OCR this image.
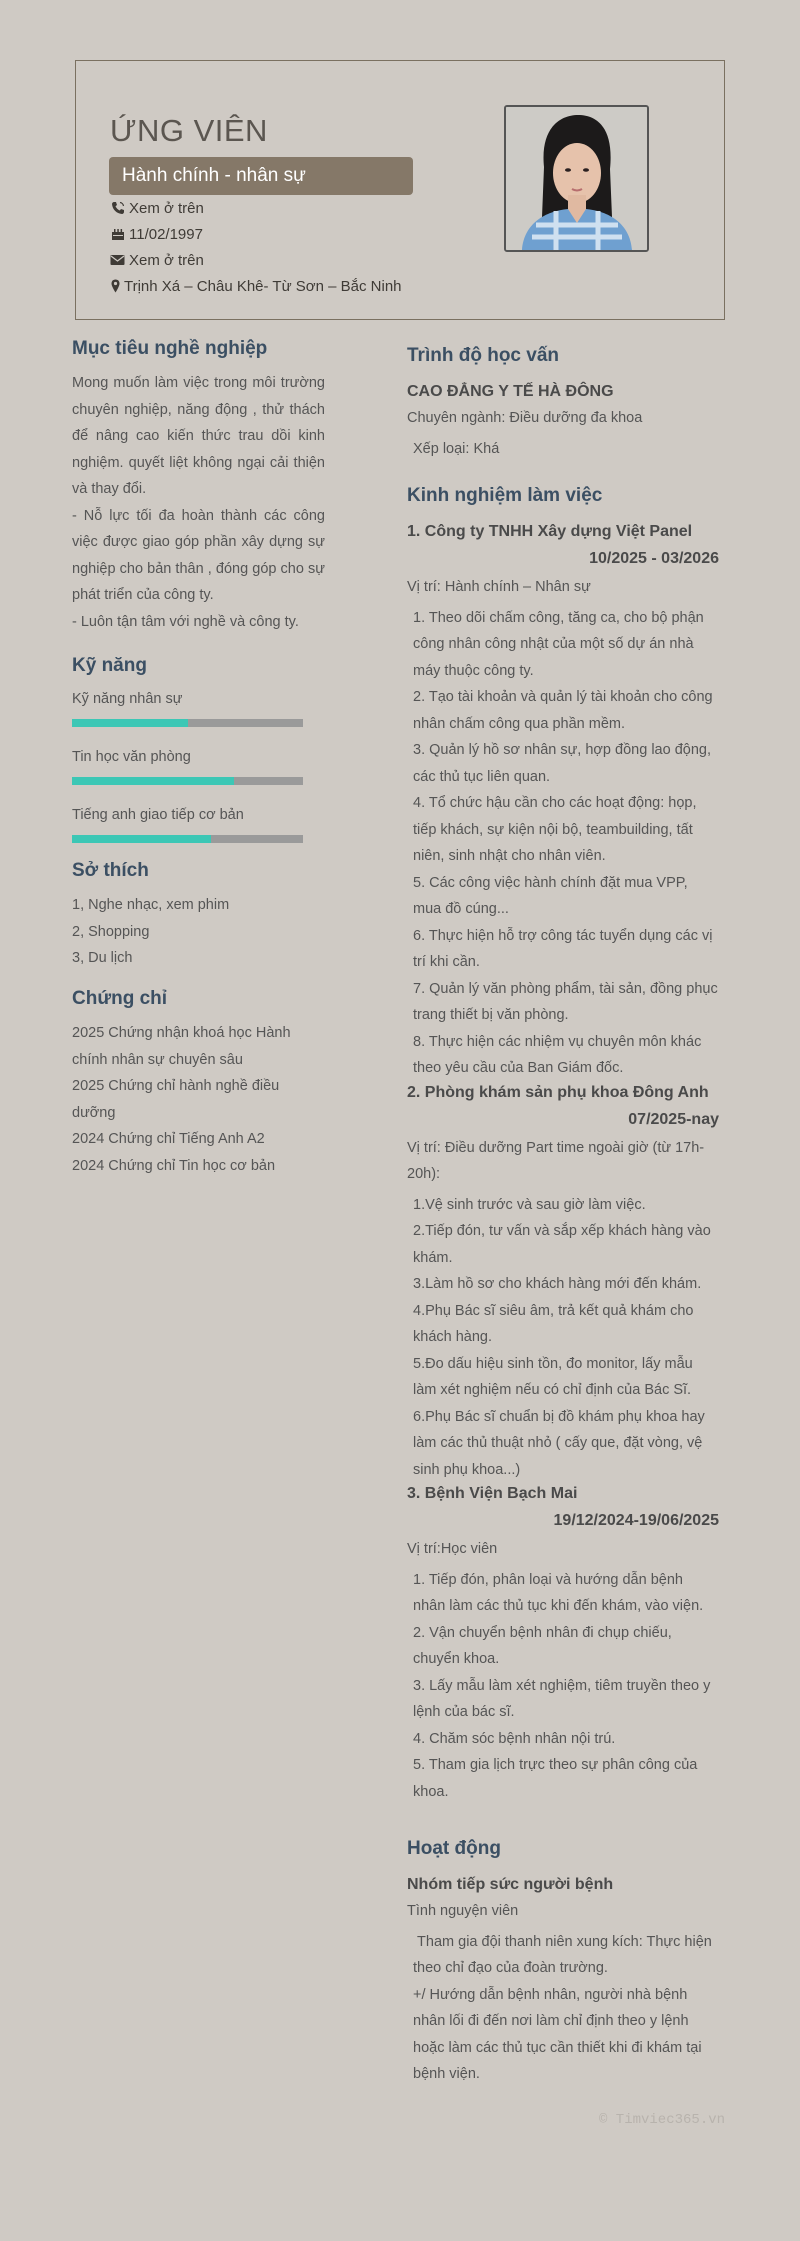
ỨNG VIÊN
Hành chính - nhân sự
Xem ở trên
11/02/1997
Xem ở trên
Trịnh Xá – Châu Khê- Từ Sơn – Bắc Ninh
Mục tiêu nghề nghiệp
Mong muốn làm việc trong môi trường chuyên nghiệp, năng động , thử thách để nâng cao kiến thức trau dồi kinh nghiệm. quyết liệt không ngại cải thiện và thay đổi.
- Nỗ lực tối đa hoàn thành các công việc được giao góp phần xây dựng sự nghiệp cho bản thân , đóng góp cho sự phát triển của công ty.
- Luôn tận tâm với nghề và công ty.
Kỹ năng
Kỹ năng nhân sự
Tin học văn phòng
Tiếng anh giao tiếp cơ bản
Sở thích
1, Nghe nhạc, xem phim
2, Shopping
3, Du lịch
Chứng chỉ
2025 Chứng nhận khoá học Hành chính nhân sự chuyên sâu
2025 Chứng chỉ hành nghề điều dưỡng
2024 Chứng chỉ Tiếng Anh A2
2024 Chứng chỉ Tin học cơ bản
Trình độ học vấn
CAO ĐẲNG Y TẾ HÀ ĐÔNG
Chuyên ngành: Điều dưỡng đa khoa
Xếp loại: Khá
Kinh nghiệm làm việc
1. Công ty TNHH Xây dựng Việt Panel
10/2025 - 03/2026
Vị trí: Hành chính – Nhân sự
1. Theo dõi chấm công, tăng ca, cho bộ phận công nhân công nhật của một số dự án nhà máy thuộc công ty.
2. Tạo tài khoản và quản lý tài khoản cho công nhân chấm công qua phần mềm.
3. Quản lý hồ sơ nhân sự, hợp đồng lao động, các thủ tục liên quan.
4. Tổ chức hậu cần cho các hoạt động: họp, tiếp khách, sự kiện nội bộ, teambuilding, tất niên, sinh nhật cho nhân viên.
5. Các công việc hành chính đặt mua VPP, mua đồ cúng...
6. Thực hiện hỗ trợ công tác tuyển dụng các vị trí khi cần.
7. Quản lý văn phòng phẩm, tài sản, đồng phục trang thiết bị văn phòng.
8. Thực hiện các nhiệm vụ chuyên môn khác theo yêu cầu của Ban Giám đốc.
2. Phòng khám sản phụ khoa Đông Anh
07/2025-nay
Vị trí: Điều dưỡng Part time ngoài giờ (từ 17h-20h):
1.Vệ sinh trước và sau giờ làm việc.
2.Tiếp đón, tư vấn và sắp xếp khách hàng vào khám.
3.Làm hồ sơ cho khách hàng mới đến khám.
4.Phụ Bác sĩ siêu âm, trả kết quả khám cho khách hàng.
5.Đo dấu hiệu sinh tồn, đo monitor, lấy mẫu làm xét nghiệm nếu có chỉ định của Bác Sĩ.
6.Phụ Bác sĩ chuẩn bị đồ khám phụ khoa hay làm các thủ thuật nhỏ ( cấy que, đặt vòng, vệ sinh phụ khoa...)
3. Bệnh Viện Bạch Mai
19/12/2024-19/06/2025
Vị trí:Học viên
1. Tiếp đón, phân loại và hướng dẫn bệnh nhân làm các thủ tục khi đến khám, vào viện.
2. Vận chuyển bệnh nhân đi chụp chiếu, chuyển khoa.
3. Lấy mẫu làm xét nghiệm, tiêm truyền theo y lệnh của bác sĩ.
4. Chăm sóc bệnh nhân nội trú.
5. Tham gia lịch trực theo sự phân công của khoa.
Hoạt động
Nhóm tiếp sức người bệnh
Tình nguyện viên
Tham gia đội thanh niên xung kích: Thực hiện theo chỉ đạo của đoàn trường.
+/ Hướng dẫn bệnh nhân, người nhà bệnh nhân lối đi đến nơi làm chỉ định theo y lệnh hoặc làm các thủ tục cần thiết khi đi khám tại bệnh viện.
© Timviec365.vn
